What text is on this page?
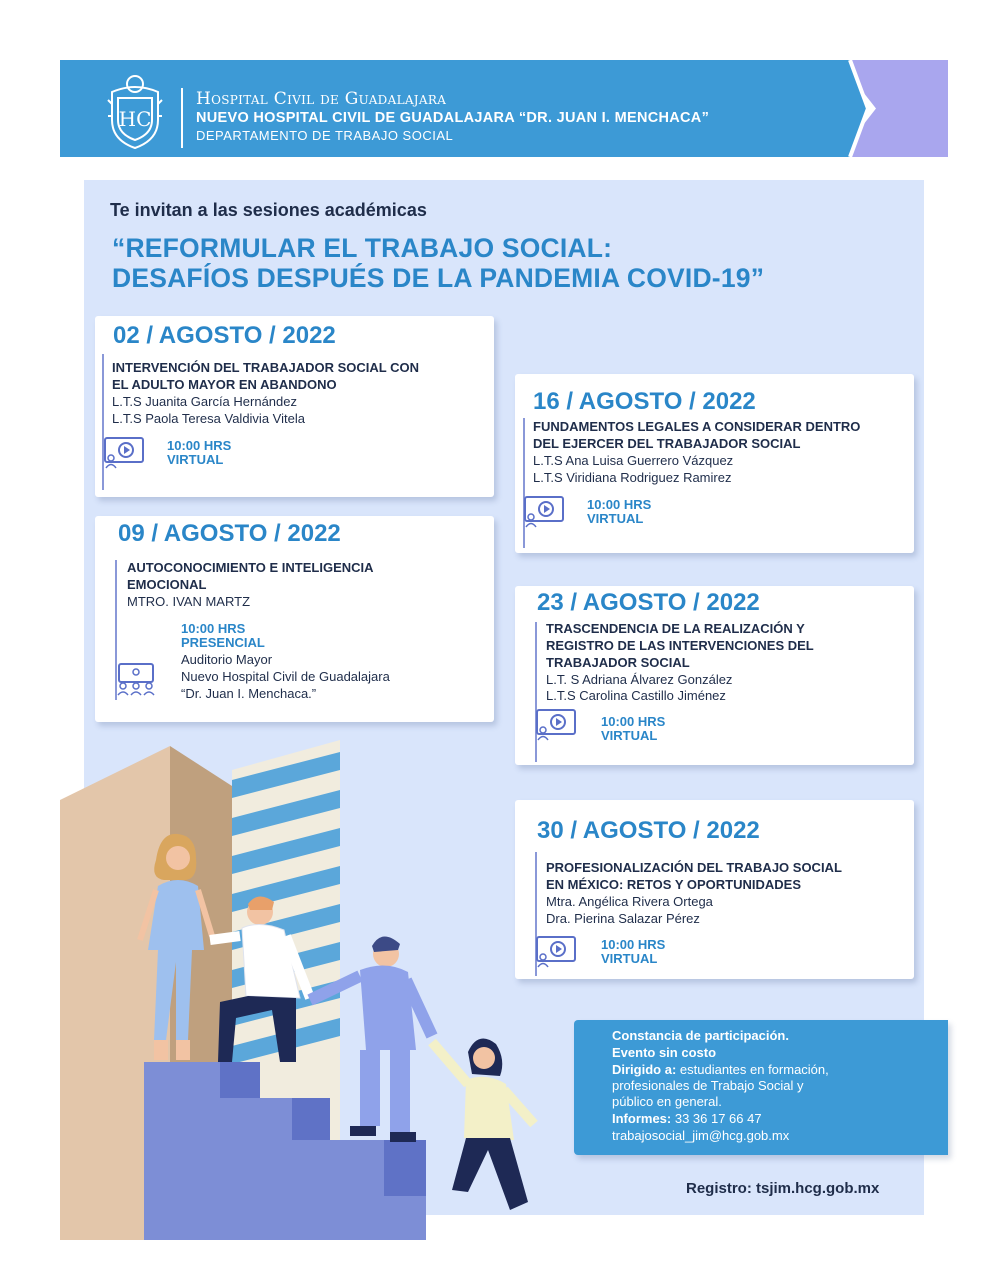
HC
Hospital Civil de Guadalajara
NUEVO HOSPITAL CIVIL DE GUADALAJARA “DR. JUAN I. MENCHACA”
DEPARTAMENTO DE TRABAJO SOCIAL
Te invitan a las sesiones académicas
“REFORMULAR EL TRABAJO SOCIAL:
DESAFÍOS DESPUÉS DE LA PANDEMIA COVID-19”
02 / AGOSTO / 2022
INTERVENCIÓN DEL TRABAJADOR SOCIAL CON
EL ADULTO MAYOR EN ABANDONO
L.T.S Juanita García Hernández
L.T.S Paola Teresa Valdivia Vitela
10:00 HRS
VIRTUAL
09 / AGOSTO / 2022
AUTOCONOCIMIENTO E INTELIGENCIA
EMOCIONAL
MTRO. IVAN MARTZ
10:00 HRS
PRESENCIAL
Auditorio Mayor
Nuevo Hospital Civil de Guadalajara
“Dr. Juan I. Menchaca.”
16 / AGOSTO / 2022
FUNDAMENTOS LEGALES A CONSIDERAR DENTRO
DEL EJERCER DEL TRABAJADOR SOCIAL
L.T.S Ana Luisa Guerrero Vázquez
L.T.S Viridiana Rodriguez Ramirez
10:00 HRS
VIRTUAL
23 / AGOSTO / 2022
TRASCENDENCIA DE LA REALIZACIÓN Y
REGISTRO DE LAS INTERVENCIONES DEL
TRABAJADOR SOCIAL
L.T. S Adriana Álvarez González
L.T.S Carolina Castillo Jiménez
10:00 HRS
VIRTUAL
30 / AGOSTO / 2022
PROFESIONALIZACIÓN DEL TRABAJO SOCIAL
EN MÉXICO: RETOS Y OPORTUNIDADES
Mtra. Angélica Rivera Ortega
Dra. Pierina Salazar Pérez
10:00 HRS
VIRTUAL
Constancia de participación.
Evento sin costo
Dirigido a: estudiantes en formación,
profesionales de Trabajo Social y
público en general.
Informes: 33 36 17 66 47
trabajosocial_jim@hcg.gob.mx
Registro: tsjim.hcg.gob.mx
